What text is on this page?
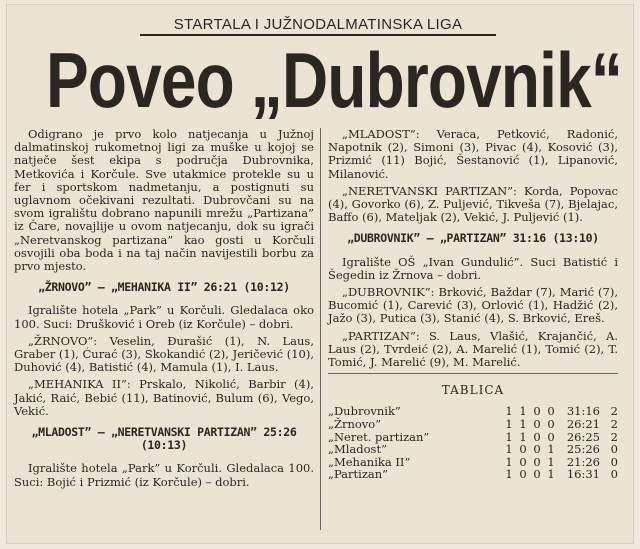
STARTALA I JUŽNODALMATINSKA LIGA
Poveo „Dubrovnik“

Odigrano je prvo kolo natjecanja u Južnoj dalmatinskoj rukometnoj ligi za muške u kojoj se natječe šest ekipa s područja Dubrovnika, Metkovića i Korčule. Sve utakmice protekle su u fer i sportskom nadmetanju, a postignuti su uglavnom očekivani rezultati. Dubrovčani su na svom igralištu dobrano napunili mrežu „Partizana” iz Čare, novajlije u ovom natjecanju, dok su igrači „Neretvanskog partizana” kao gosti u Korčuli osvojili oba boda i na taj način navijestili borbu za prvo mjesto.

„ŽRNOVO” – „MEHANIKA II” 26:21 (10:12)

Igralište hotela „Park” u Korčuli. Gledalaca oko 100. Suci: Drušković i Oreb (iz Korčule) – dobri.

„ŽRNOVO”: Veselin, Đurašić (1), N. Laus, Graber (1), Ćurać (3), Skokandić (2), Jeričević (10), Duhović (4), Batistić (4), Mamula (1), I. Laus.

„MEHANIKA II”: Prskalo, Nikolić, Barbir (4), Jakić, Raić, Bebić (11), Batinović, Bulum (6), Vego, Vekić.

„MLADOST” – „NERETVANSKI PARTIZAN” 25:26 (10:13)

Igralište hotela „Park” u Korčuli. Gledalaca 100. Suci: Bojić i Prizmić (iz Korčule) – dobri.

„MLADOST”: Veraca, Petković, Radonić, Napotnik (2), Simoni (3), Pivac (4), Kosović (3), Prizmić (11) Bojić, Šestanović (1), Lipanović, Milanović.

„NERETVANSKI PARTIZAN”: Korda, Popovac (4), Govorko (6), Z. Puljević, Tikveša (7), Bjelajac, Baffo (6), Mateljak (2), Vekić, J. Puljević (1).

„DUBROVNIK” – „PARTIZAN” 31:16 (13:10)

Igralište OŠ „Ivan Gundulić”. Suci Batistić i Šegedin iz Žrnova – dobri.

„DUBROVNIK”: Brković, Baždar (7), Marić (7), Bucomić (1), Carević (3), Orlović (1), Hadžić (2), Jažo (3), Putica (3), Stanić (4), S. Brković, Ereš.

„PARTIZAN”: S. Laus, Vlašić, Krajančić, A. Laus (2), Tvrdeić (2), A. Marelić (1), Tomić (2), T. Tomić, J. Marelić (9), M. Marelić.

TABLICA
„Dubrovnik”	1	1	0	0	31:16	2
„Žrnovo”	1	1	0	0	26:21	2
„Neret. partizan”	1	1	0	0	26:25	2
„Mladost”	1	0	0	1	25:26	0
„Mehanika II”	1	0	0	1	21:26	0
„Partizan”	1	0	0	1	16:31	0
